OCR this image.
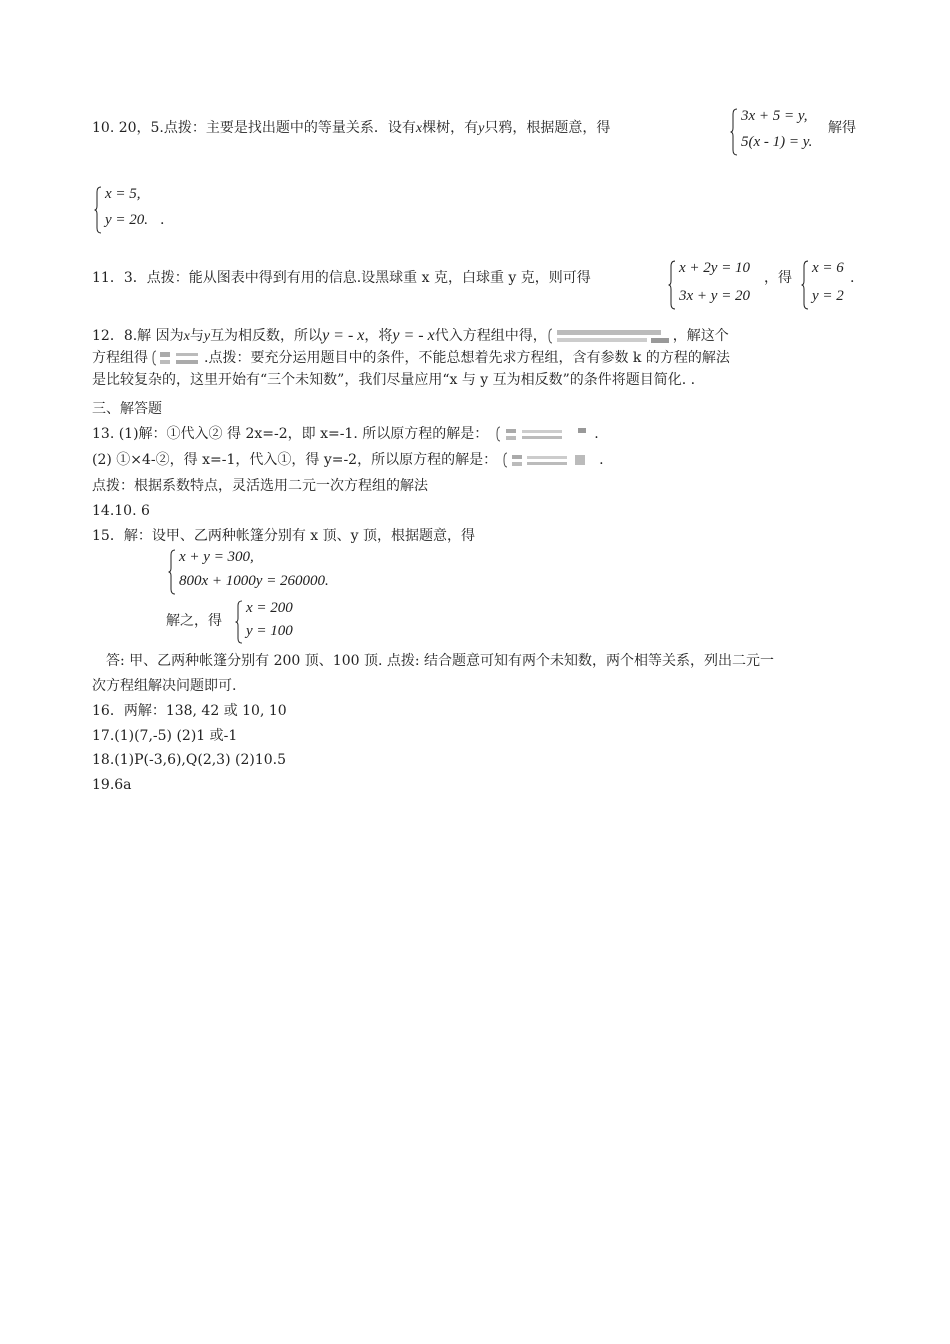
10. 20，5.点拨：主要是找出题中的等量关系．设有x棵树，有y只鸦，根据题意，得
3x + 5 = y,
5(x - 1) = y.
解得
x = 5,
y = 20. .
11．3．点拨：能从图表中得到有用的信息.设黑球重 x 克，白球重 y 克，则可得
x + 2y = 10
3x + y = 20
，得
x = 6
y = 2
.
12．8.解 因为x与y互为相反数，所以y = - x，将y = - x代入方程组中得，	，解这个
方程组得	.点拨：要充分运用题目中的条件，不能总想着先求方程组，含有参数 k 的方程的解法
是比较复杂的，这里开始有“三个未知数”，我们尽量应用“x 与 y 互为相反数”的条件将题目简化. .
三、解答题
13. (1)解：①代入② 得 2x=-2，即 x=-1. 所以原方程的解是：	.
(2) ①×4-②，得 x=-1，代入①，得 y=-2，所以原方程的解是：	.
点拨：根据系数特点，灵活选用二元一次方程组的解法
14.10. 6
15．解：设甲、乙两种帐篷分别有 x 顶、y 顶，根据题意，得
x + y = 300,
800x + 1000y = 260000.
解之，得
x = 200
y = 100
答: 甲、乙两种帐篷分别有 200 顶、100 顶. 点拨: 结合题意可知有两个未知数，两个相等关系，列出二元一
次方程组解决问题即可.
16．两解：138, 42 或 10, 10
17.(1)(7,-5) (2)1 或-1
18.(1)P(-3,6),Q(2,3) (2)10.5
19.6a
